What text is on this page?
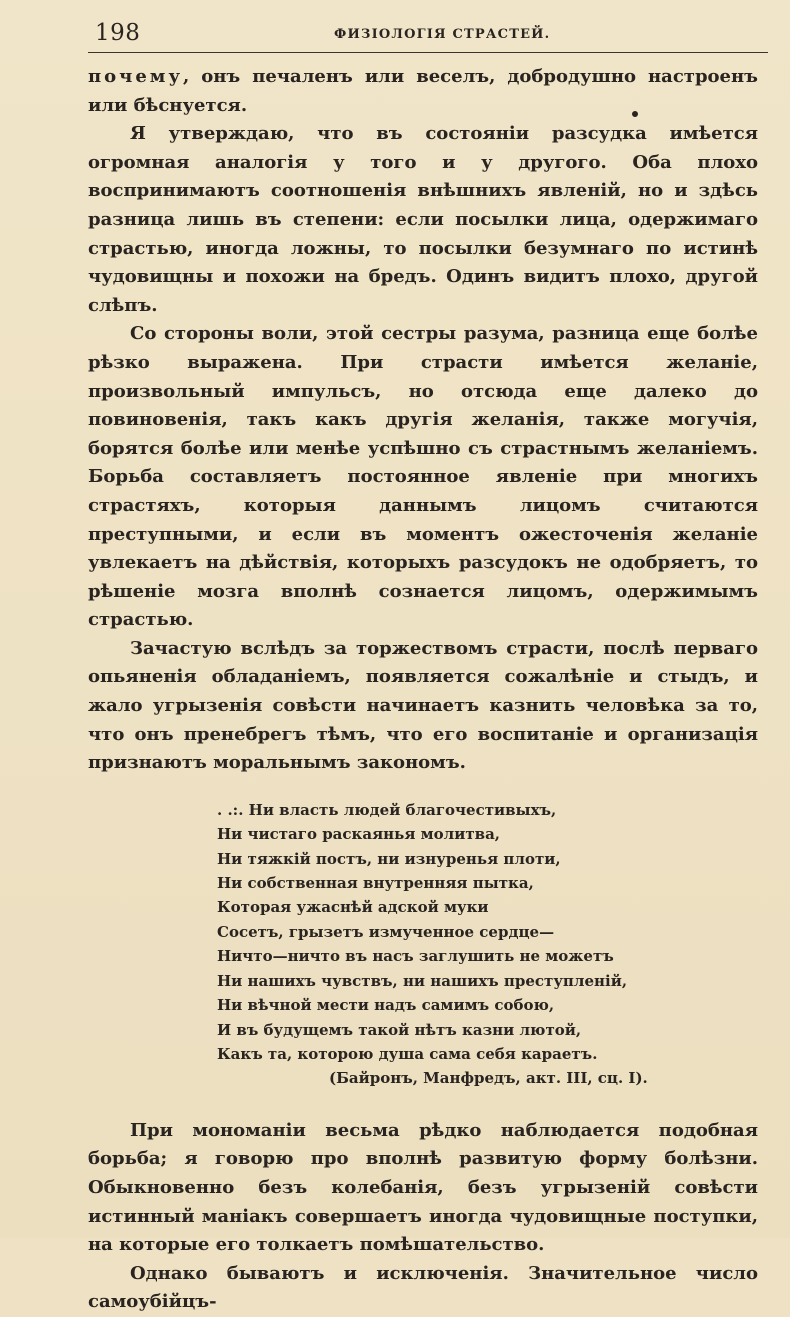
198	ФИЗIОЛОГIЯ СТРАСТЕЙ.

почему, онъ печаленъ или веселъ, добродушно настроенъ или бѣснуется.

Я утверждаю, что въ состоянiи разсудка имѣется огромная аналогiя у того и у другого. Оба плохо воспринимаютъ соотношенiя внѣшнихъ явленiй, но и здѣсь разница лишь въ степени: если посылки лица, одержимаго страстью, иногда ложны, то посылки безумнаго по истинѣ чудовищны и похожи на бредъ. Одинъ видитъ плохо, другой слѣпъ.

Со стороны воли, этой сестры разума, разница еще болѣе рѣзко выражена. При страсти имѣется желанiе, произвольный импульсъ, но отсюда еще далеко до повиновенiя, такъ какъ другiя желанiя, также могучiя, борятся болѣе или менѣе успѣшно съ страстнымъ желанiемъ. Борьба составляетъ постоянное явленiе при многихъ страстяхъ, которыя даннымъ лицомъ считаются преступными, и если въ моментъ ожесточенiя желанiе увлекаетъ на дѣйствiя, которыхъ разсудокъ не одобряетъ, то рѣшенiе мозга вполнѣ сознается лицомъ, одержимымъ страстью.

Зачастую вслѣдъ за торжествомъ страсти, послѣ перваго опьяненiя обладанiемъ, появляется сожалѣнiе и стыдъ, и жало угрызенiя совѣсти начинаетъ казнить человѣка за то, что онъ пренебрегъ тѣмъ, что его воспитанiе и организацiя признаютъ моральнымъ закономъ.

. .:. Ни власть людей благочестивыхъ,
Ни чистаго раскаянья молитва,
Ни тяжкiй постъ, ни изнуренья плоти,
Ни собственная внутренняя пытка,
Которая ужаснѣй адской муки
Сосетъ, грызетъ измученное сердце—
Ничто—ничто въ насъ заглушить не можетъ
Ни нашихъ чувствъ, ни нашихъ преступленiй,
Ни вѣчной мести надъ самимъ собою,
И въ будущемъ такой нѣтъ казни лютой,
Какъ та, которою душа сама себя караетъ.
(Байронъ, Манфредъ, акт. III, сц. I).

При мономанiи весьма рѣдко наблюдается подобная борьба; я говорю про вполнѣ развитую форму болѣзни. Обыкновенно безъ колебанiя, безъ угрызенiй совѣсти истинный манiакъ совершаетъ иногда чудовищные поступки, на которые его толкаетъ помѣшательство.

Однако бываютъ и исключенiя. Значительное число самоубiйцъ-
